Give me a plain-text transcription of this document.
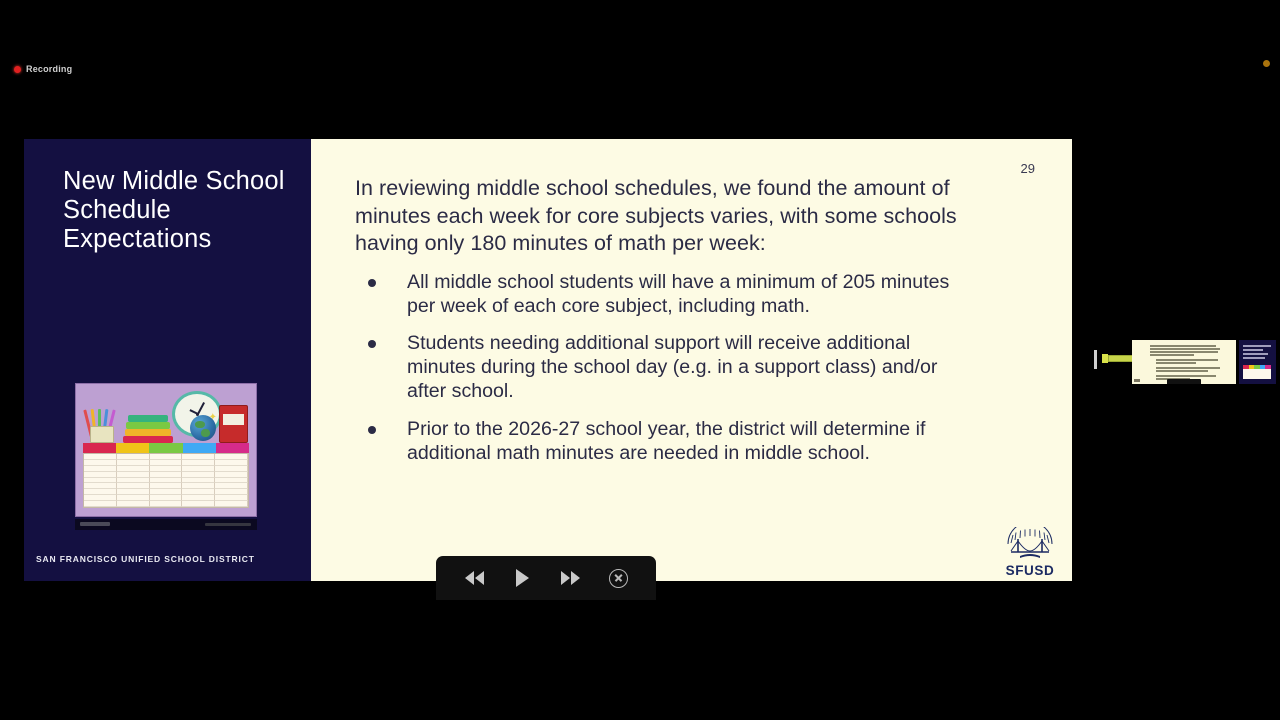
Recording
New Middle School Schedule Expectations
✦
SAN FRANCISCO UNIFIED SCHOOL DISTRICT
29

In reviewing middle school schedules, we found the amount of minutes each week for core subjects varies, with some schools having only 180 minutes of math per week:

All middle school students will have a minimum of 205 minutes per week of each core subject, including math.
Students needing additional support will receive additional minutes during the school day (e.g. in a support class) and/or after school.
Prior to the 2026-27 school year, the district will determine if additional math minutes are needed in middle school.
SFUSD
